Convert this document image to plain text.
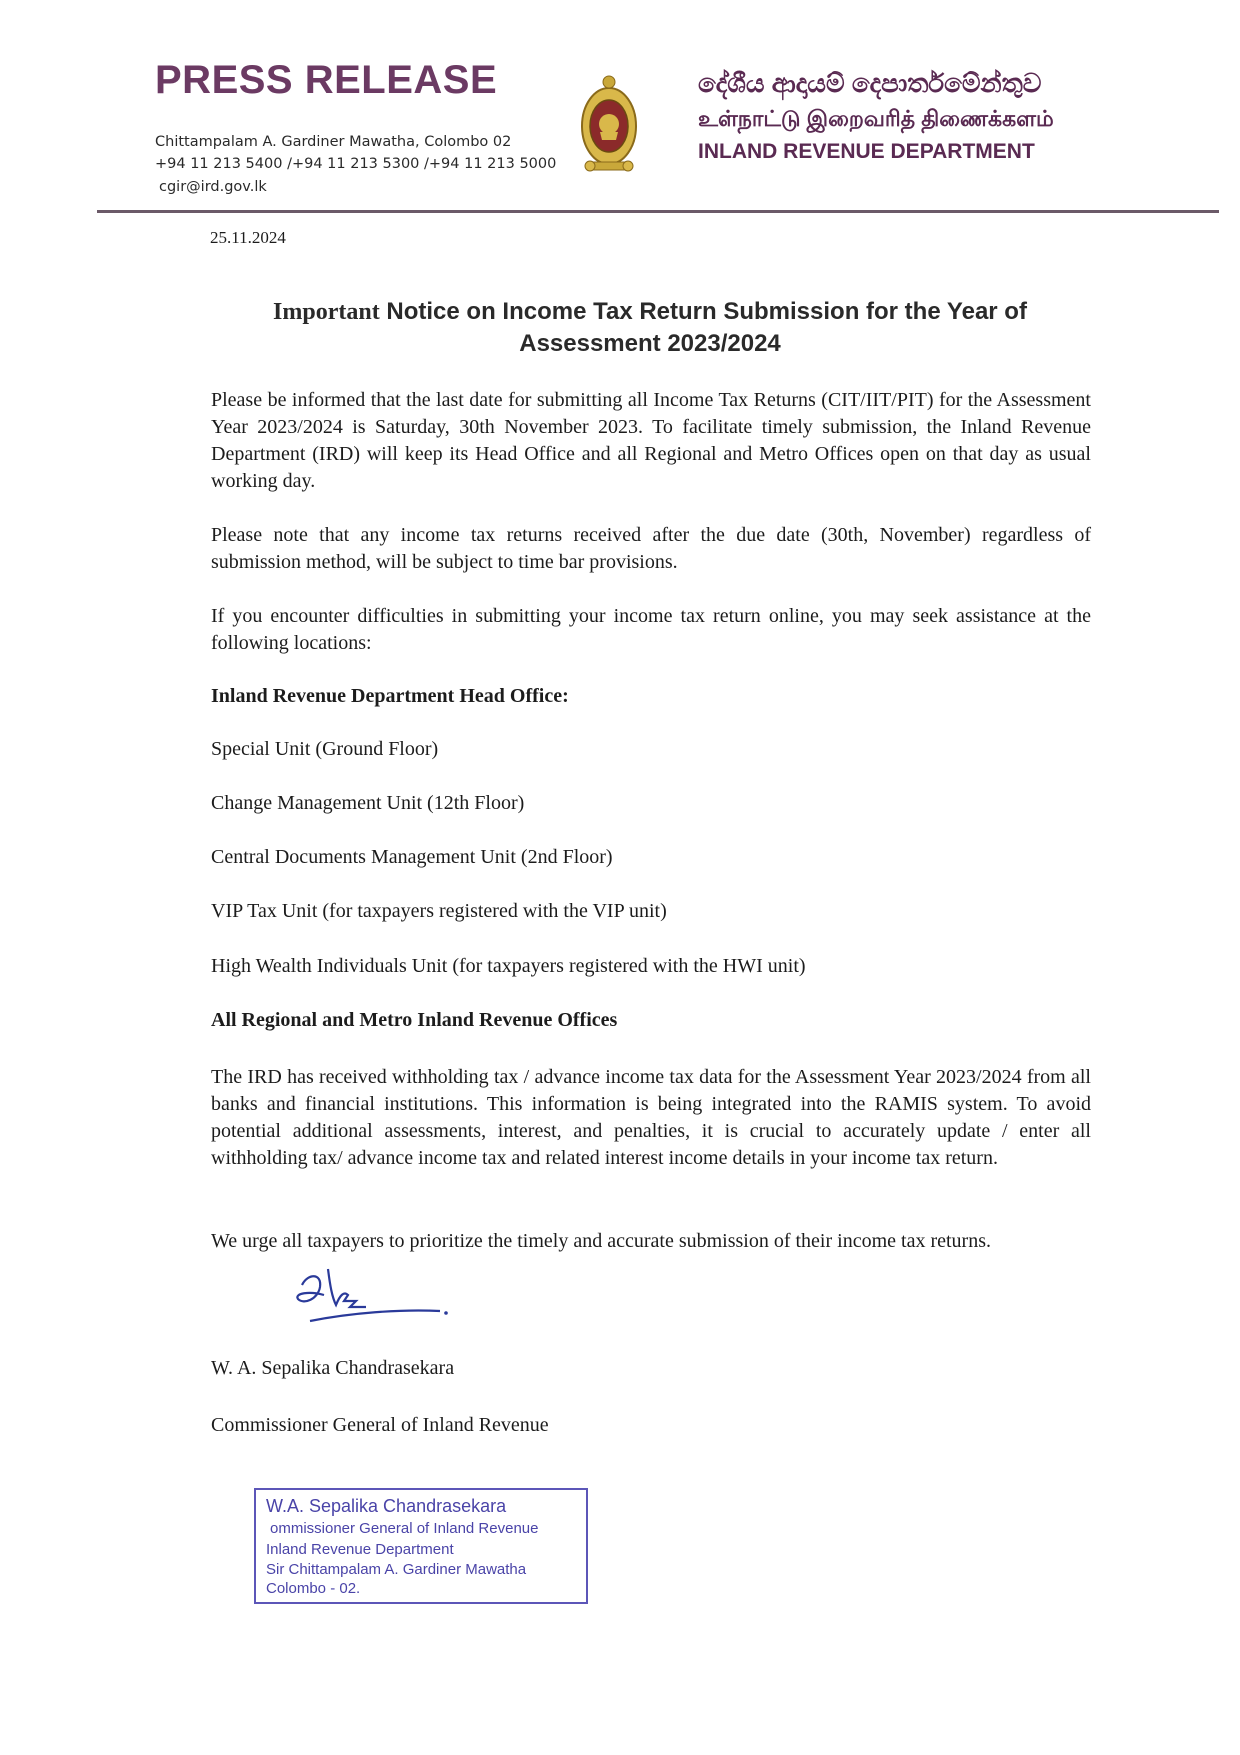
PRESS RELEASE
Chittampalam A. Gardiner Mawatha, Colombo 02
+94 11 213 5400 /+94 11 213 5300 /+94 11 213 5000
cgir@ird.gov.lk
දේශීය ආදායම් දෙපාර්තමේන්තුව
உள்நாட்டு இறைவரித் திணைக்களம்
INLAND REVENUE DEPARTMENT
25.11.2024
Important Notice on Income Tax Return Submission for the Year of
Assessment 2023/2024
Please be informed that the last date for submitting all Income Tax Returns (CIT/IIT/PIT) for the Assessment Year 2023/2024 is Saturday, 30th November 2023. To facilitate timely submission, the Inland Revenue Department (IRD) will keep its Head Office and all Regional and Metro Offices open on that day as usual working day.
Please note that any income tax returns received after the due date (30th, November) regardless of submission method, will be subject to time bar provisions.
If you encounter difficulties in submitting your income tax return online, you may seek assistance at the following locations:
Inland Revenue Department Head Office:
Special Unit (Ground Floor)
Change Management Unit (12th Floor)
Central Documents Management Unit (2nd Floor)
VIP Tax Unit (for taxpayers registered with the VIP unit)
High Wealth Individuals Unit (for taxpayers registered with the HWI unit)
All Regional and Metro Inland Revenue Offices
The IRD has received withholding tax / advance income tax data for the Assessment Year 2023/2024 from all banks and financial institutions. This information is being integrated into the RAMIS system. To avoid potential additional assessments, interest, and penalties, it is crucial to accurately update / enter all withholding tax/ advance income tax and related interest income details in your income tax return.
We urge all taxpayers to prioritize the timely and accurate submission of their income tax returns.
W. A. Sepalika Chandrasekara
Commissioner General of Inland Revenue
W.A. Sepalika Chandrasekara
ommissioner General of Inland Revenue
Inland Revenue Department
Sir Chittampalam A. Gardiner Mawatha
Colombo - 02.
